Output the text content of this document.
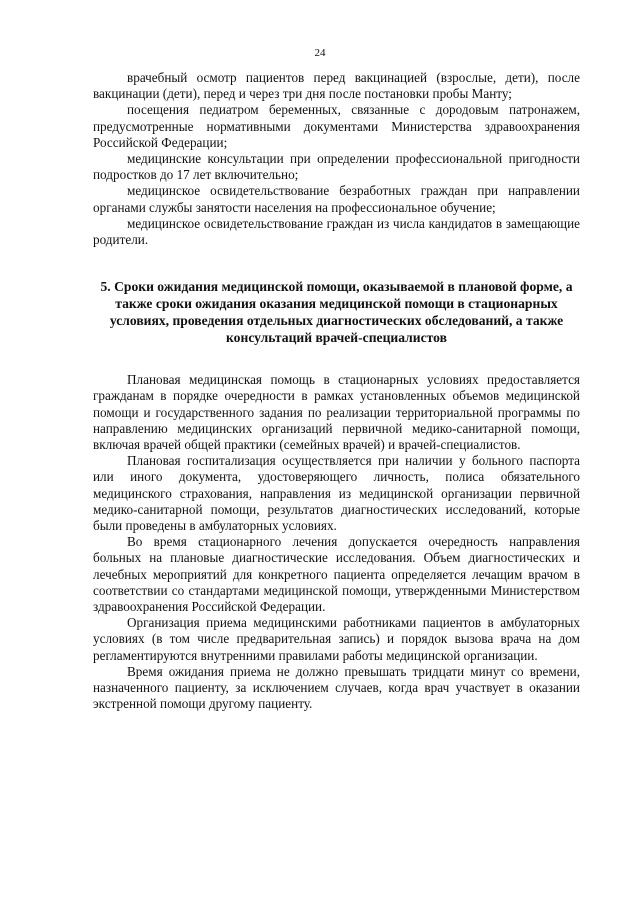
24

врачебный осмотр пациентов перед вакцинацией (взрослые, дети), после вакцинации (дети), перед и через три дня после постановки пробы Манту;

посещения педиатром беременных, связанные с дородовым патронажем, предусмотренные нормативными документами Министерства здравоохранения Российской Федерации;

медицинские консультации при определении профессиональной пригодности подростков до 17 лет включительно;

медицинское освидетельствование безработных граждан при направлении органами службы занятости населения на профессиональное обучение;

медицинское освидетельствование граждан из числа кандидатов в замещающие родители.

5. Сроки ожидания медицинской помощи, оказываемой в плановой форме, а также сроки ожидания оказания медицинской помощи в стационарных условиях, проведения отдельных диагностических обследований, а также консультаций врачей-специалистов

Плановая медицинская помощь в стационарных условиях предоставляется гражданам в порядке очередности в рамках установленных объемов медицинской помощи и государственного задания по реализации территориальной программы по направлению медицинских организаций первичной медико-санитарной помощи, включая врачей общей практики (семейных врачей) и врачей-специалистов.

Плановая госпитализация осуществляется при наличии у больного паспорта или иного документа, удостоверяющего личность, полиса обязательного медицинского страхования, направления из медицинской организации первичной медико-санитарной помощи, результатов диагностических исследований, которые были проведены в амбулаторных условиях.

Во время стационарного лечения допускается очередность направления больных на плановые диагностические исследования. Объем диагностических и лечебных мероприятий для конкретного пациента определяется лечащим врачом в соответствии со стандартами медицинской помощи, утвержденными Министерством здравоохранения Российской Федерации.

Организация приема медицинскими работниками пациентов в амбулаторных условиях (в том числе предварительная запись) и порядок вызова врача на дом регламентируются внутренними правилами работы медицинской организации.

Время ожидания приема не должно превышать тридцати минут со времени, назначенного пациенту, за исключением случаев, когда врач участвует в оказании экстренной помощи другому пациенту.
